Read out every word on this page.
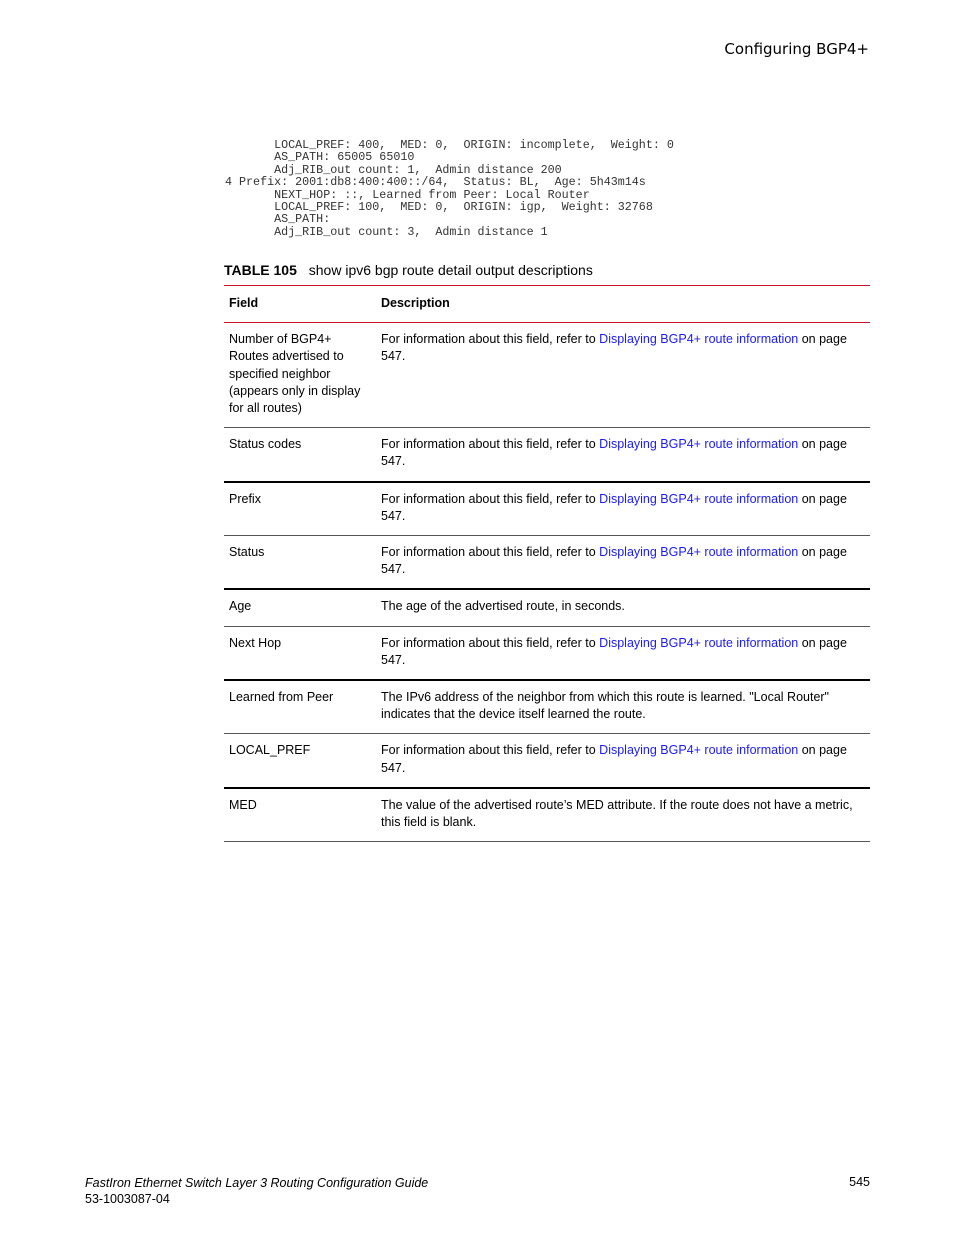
Configuring BGP4+
LOCAL_PREF: 400,  MED: 0,  ORIGIN: incomplete,  Weight: 0
AS_PATH: 65005 65010
Adj_RIB_out count: 1,  Admin distance 200
4 Prefix: 2001:db8:400:400::/64,  Status: BL,  Age: 5h43m14s
NEXT_HOP: ::, Learned from Peer: Local Router
LOCAL_PREF: 100,  MED: 0,  ORIGIN: igp,  Weight: 32768
AS_PATH:
Adj_RIB_out count: 3,  Admin distance 1
TABLE 105 show ipv6 bgp route detail output descriptions
Field	Description
Number of BGP4+ Routes advertised to specified neighbor (appears only in display for all routes)	For information about this field, refer to Displaying BGP4+ route information on page 547.
Status codes	For information about this field, refer to Displaying BGP4+ route information on page 547.
Prefix	For information about this field, refer to Displaying BGP4+ route information on page 547.
Status	For information about this field, refer to Displaying BGP4+ route information on page 547.
Age	The age of the advertised route, in seconds.
Next Hop	For information about this field, refer to Displaying BGP4+ route information on page 547.
Learned from Peer	The IPv6 address of the neighbor from which this route is learned. "Local Router" indicates that the device itself learned the route.
LOCAL_PREF	For information about this field, refer to Displaying BGP4+ route information on page 547.
MED	The value of the advertised route’s MED attribute. If the route does not have a metric, this field is blank.
FastIron Ethernet Switch Layer 3 Routing Configuration Guide
53-1003087-04
545
